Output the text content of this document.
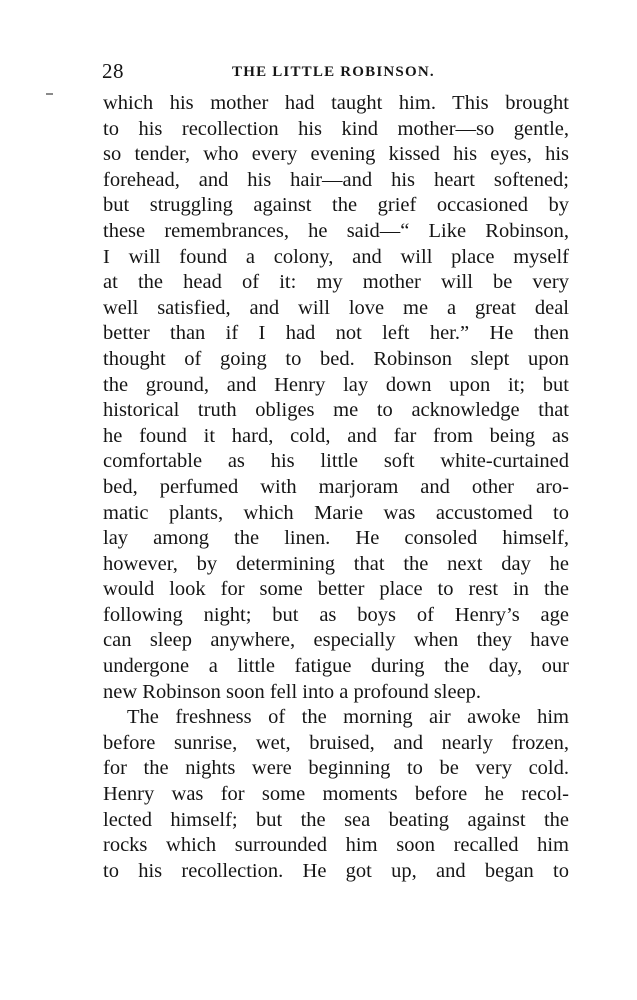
28	THE LITTLE ROBINSON.
which his mother had taught him. This brought
to his recollection his kind mother—so gentle,
so tender, who every evening kissed his eyes, his
forehead, and his hair—and his heart softened;
but struggling against the grief occasioned by
these remembrances, he said—“ Like Robinson,
I will found a colony, and will place myself
at the head of it: my mother will be very
well satisfied, and will love me a great deal
better than if I had not left her.” He then
thought of going to bed. Robinson slept upon
the ground, and Henry lay down upon it; but
historical truth obliges me to acknowledge that
he found it hard, cold, and far from being as
comfortable as his little soft white-curtained
bed, perfumed with marjoram and other aro-
matic plants, which Marie was accustomed to
lay among the linen. He consoled himself,
however, by determining that the next day he
would look for some better place to rest in the
following night; but as boys of Henry’s age
can sleep anywhere, especially when they have
undergone a little fatigue during the day, our
new Robinson soon fell into a profound sleep.
The freshness of the morning air awoke him
before sunrise, wet, bruised, and nearly frozen,
for the nights were beginning to be very cold.
Henry was for some moments before he recol-
lected himself; but the sea beating against the
rocks which surrounded him soon recalled him
to his recollection. He got up, and began to
